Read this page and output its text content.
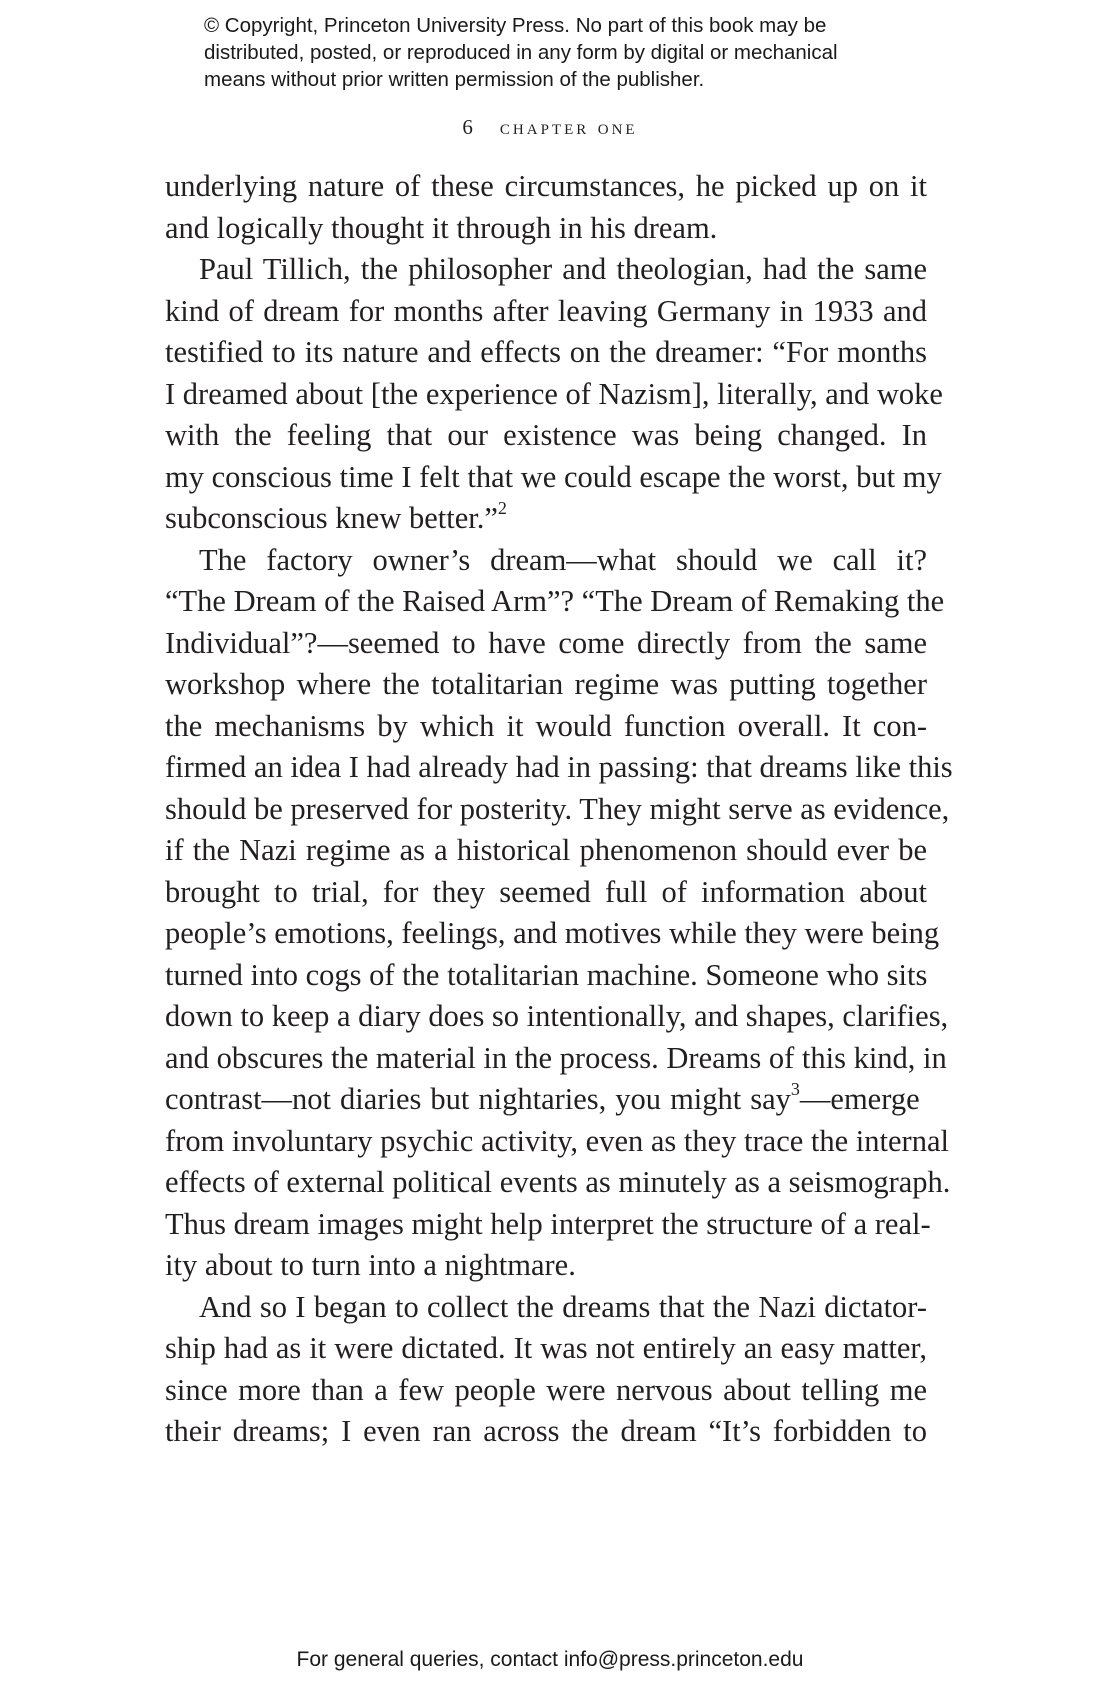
© Copyright, Princeton University Press. No part of this book may be
distributed, posted, or reproduced in any form by digital or mechanical
means without prior written permission of the publisher.
6 chapter one
underlying nature of these circumstances, he picked up on it
and logically thought it through in his dream.
Paul Tillich, the philosopher and theologian, had the same
kind of dream for months after leaving Germany in 1933 and
testified to its nature and effects on the dreamer: “For months
I dreamed about [the experience of Nazism], literally, and woke
with the feeling that our existence was being changed. In
my conscious time I felt that we could escape the worst, but my
subconscious knew better.”$^2$
The factory owner’s dream—what should we call it?
“The Dream of the Raised Arm”? “The Dream of Remaking the
Individual”?—seemed to have come directly from the same
workshop where the totalitarian regime was putting together
the mechanisms by which it would function overall. It con-
firmed an idea I had already had in passing: that dreams like this
should be preserved for posterity. They might serve as evidence,
if the Nazi regime as a historical phenomenon should ever be
brought to trial, for they seemed full of information about
people’s emotions, feelings, and motives while they were being
turned into cogs of the totalitarian machine. Someone who sits
down to keep a diary does so intentionally, and shapes, clarifies,
and obscures the material in the process. Dreams of this kind, in
contrast—not diaries but nightaries, you might say$^3$—emerge
from involuntary psychic activity, even as they trace the internal
effects of external political events as minutely as a seismograph.
Thus dream images might help interpret the structure of a real-
ity about to turn into a nightmare.
And so I began to collect the dreams that the Nazi dictator-
ship had as it were dictated. It was not entirely an easy matter,
since more than a few people were nervous about telling me
their dreams; I even ran across the dream “It’s forbidden to
For general queries, contact info@press.princeton.edu
